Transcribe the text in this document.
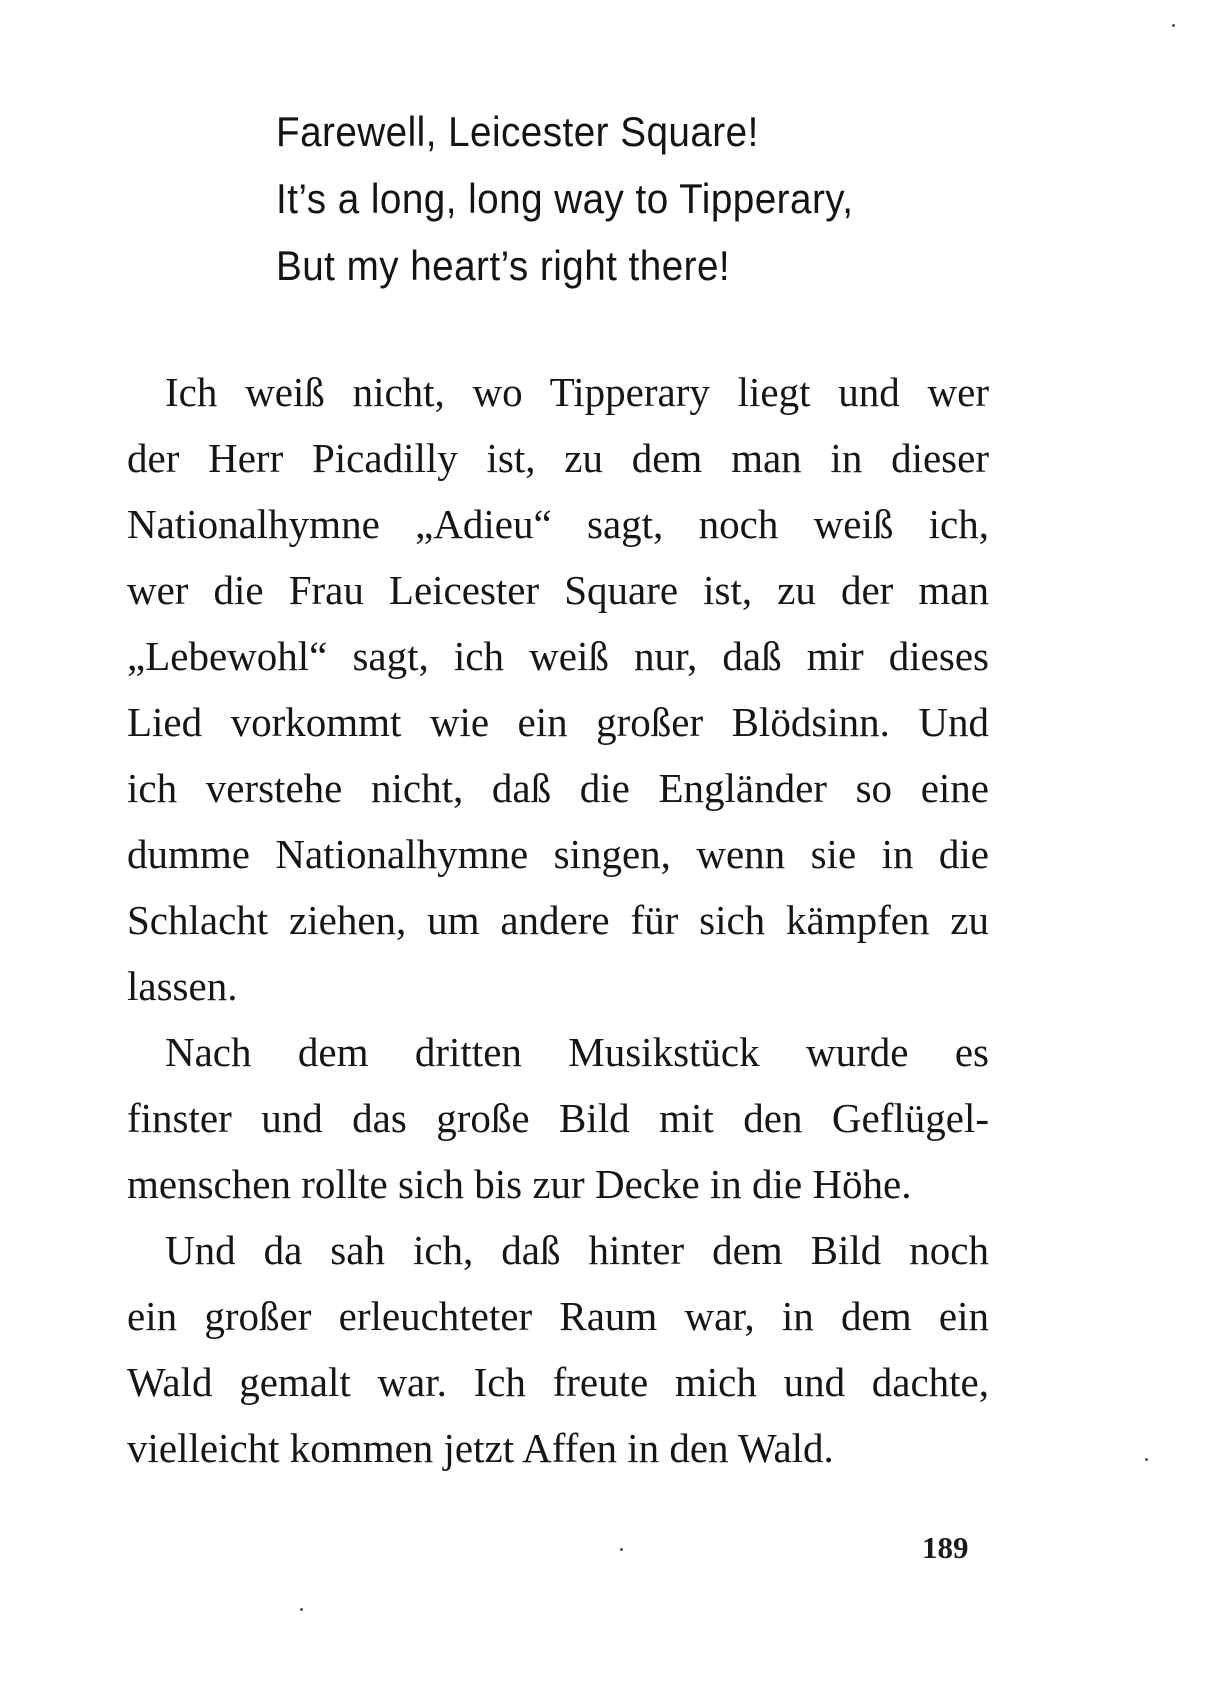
Farewell, Leicester Square!
It’s a long, long way to Tipperary,
But my heart’s right there!
Ich weiß nicht, wo Tipperary liegt und wer
der Herr Picadilly ist, zu dem man in dieser
Nationalhymne „Adieu“ sagt, noch weiß ich,
wer die Frau Leicester Square ist, zu der man
„Lebewohl“ sagt, ich weiß nur, daß mir dieses
Lied vorkommt wie ein großer Blödsinn. Und
ich verstehe nicht, daß die Engländer so eine
dumme Nationalhymne singen, wenn sie in die
Schlacht ziehen, um andere für sich kämpfen zu
lassen.
Nach dem dritten Musikstück wurde es
finster und das große Bild mit den Geflügel-
menschen rollte sich bis zur Decke in die Höhe.
Und da sah ich, daß hinter dem Bild noch
ein großer erleuchteter Raum war, in dem ein
Wald gemalt war. Ich freute mich und dachte,
vielleicht kommen jetzt Affen in den Wald.
189
